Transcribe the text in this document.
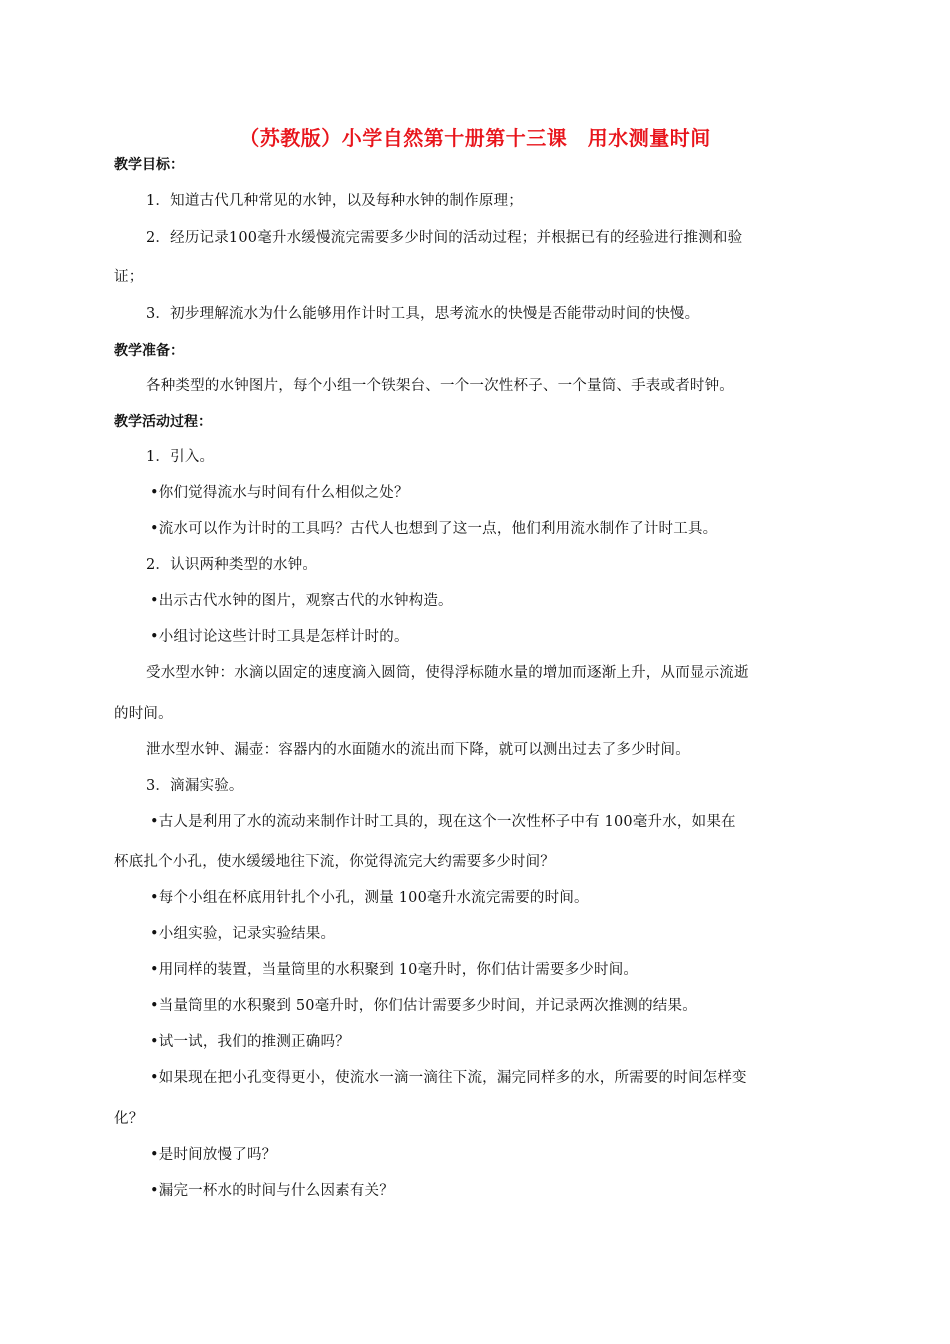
（苏教版）小学自然第十册第十三课　用水测量时间
教学目标：
1．知道古代几种常见的水钟，以及每种水钟的制作原理；
2．经历记录100毫升水缓慢流完需要多少时间的活动过程；并根据已有的经验进行推测和验
证；
3．初步理解流水为什么能够用作计时工具，思考流水的快慢是否能带动时间的快慢。
教学准备：
各种类型的水钟图片，每个小组一个铁架台、一个一次性杯子、一个量筒、手表或者时钟。
教学活动过程：
1．引入。
•你们觉得流水与时间有什么相似之处？
•流水可以作为计时的工具吗？古代人也想到了这一点，他们利用流水制作了计时工具。
2．认识两种类型的水钟。
•出示古代水钟的图片，观察古代的水钟构造。
•小组讨论这些计时工具是怎样计时的。
受水型水钟：水滴以固定的速度滴入圆筒，使得浮标随水量的增加而逐渐上升，从而显示流逝
的时间。
泄水型水钟、漏壶：容器内的水面随水的流出而下降，就可以测出过去了多少时间。
3．滴漏实验。
•古人是利用了水的流动来制作计时工具的，现在这个一次性杯子中有 100毫升水，如果在
杯底扎个小孔，使水缓缓地往下流，你觉得流完大约需要多少时间？
•每个小组在杯底用针扎个小孔，测量 100毫升水流完需要的时间。
•小组实验，记录实验结果。
•用同样的装置，当量筒里的水积聚到 10毫升时，你们估计需要多少时间。
•当量筒里的水积聚到 50毫升时，你们估计需要多少时间，并记录两次推测的结果。
•试一试，我们的推测正确吗？
•如果现在把小孔变得更小，使流水一滴一滴往下流，漏完同样多的水，所需要的时间怎样变
化？
•是时间放慢了吗？
•漏完一杯水的时间与什么因素有关？
